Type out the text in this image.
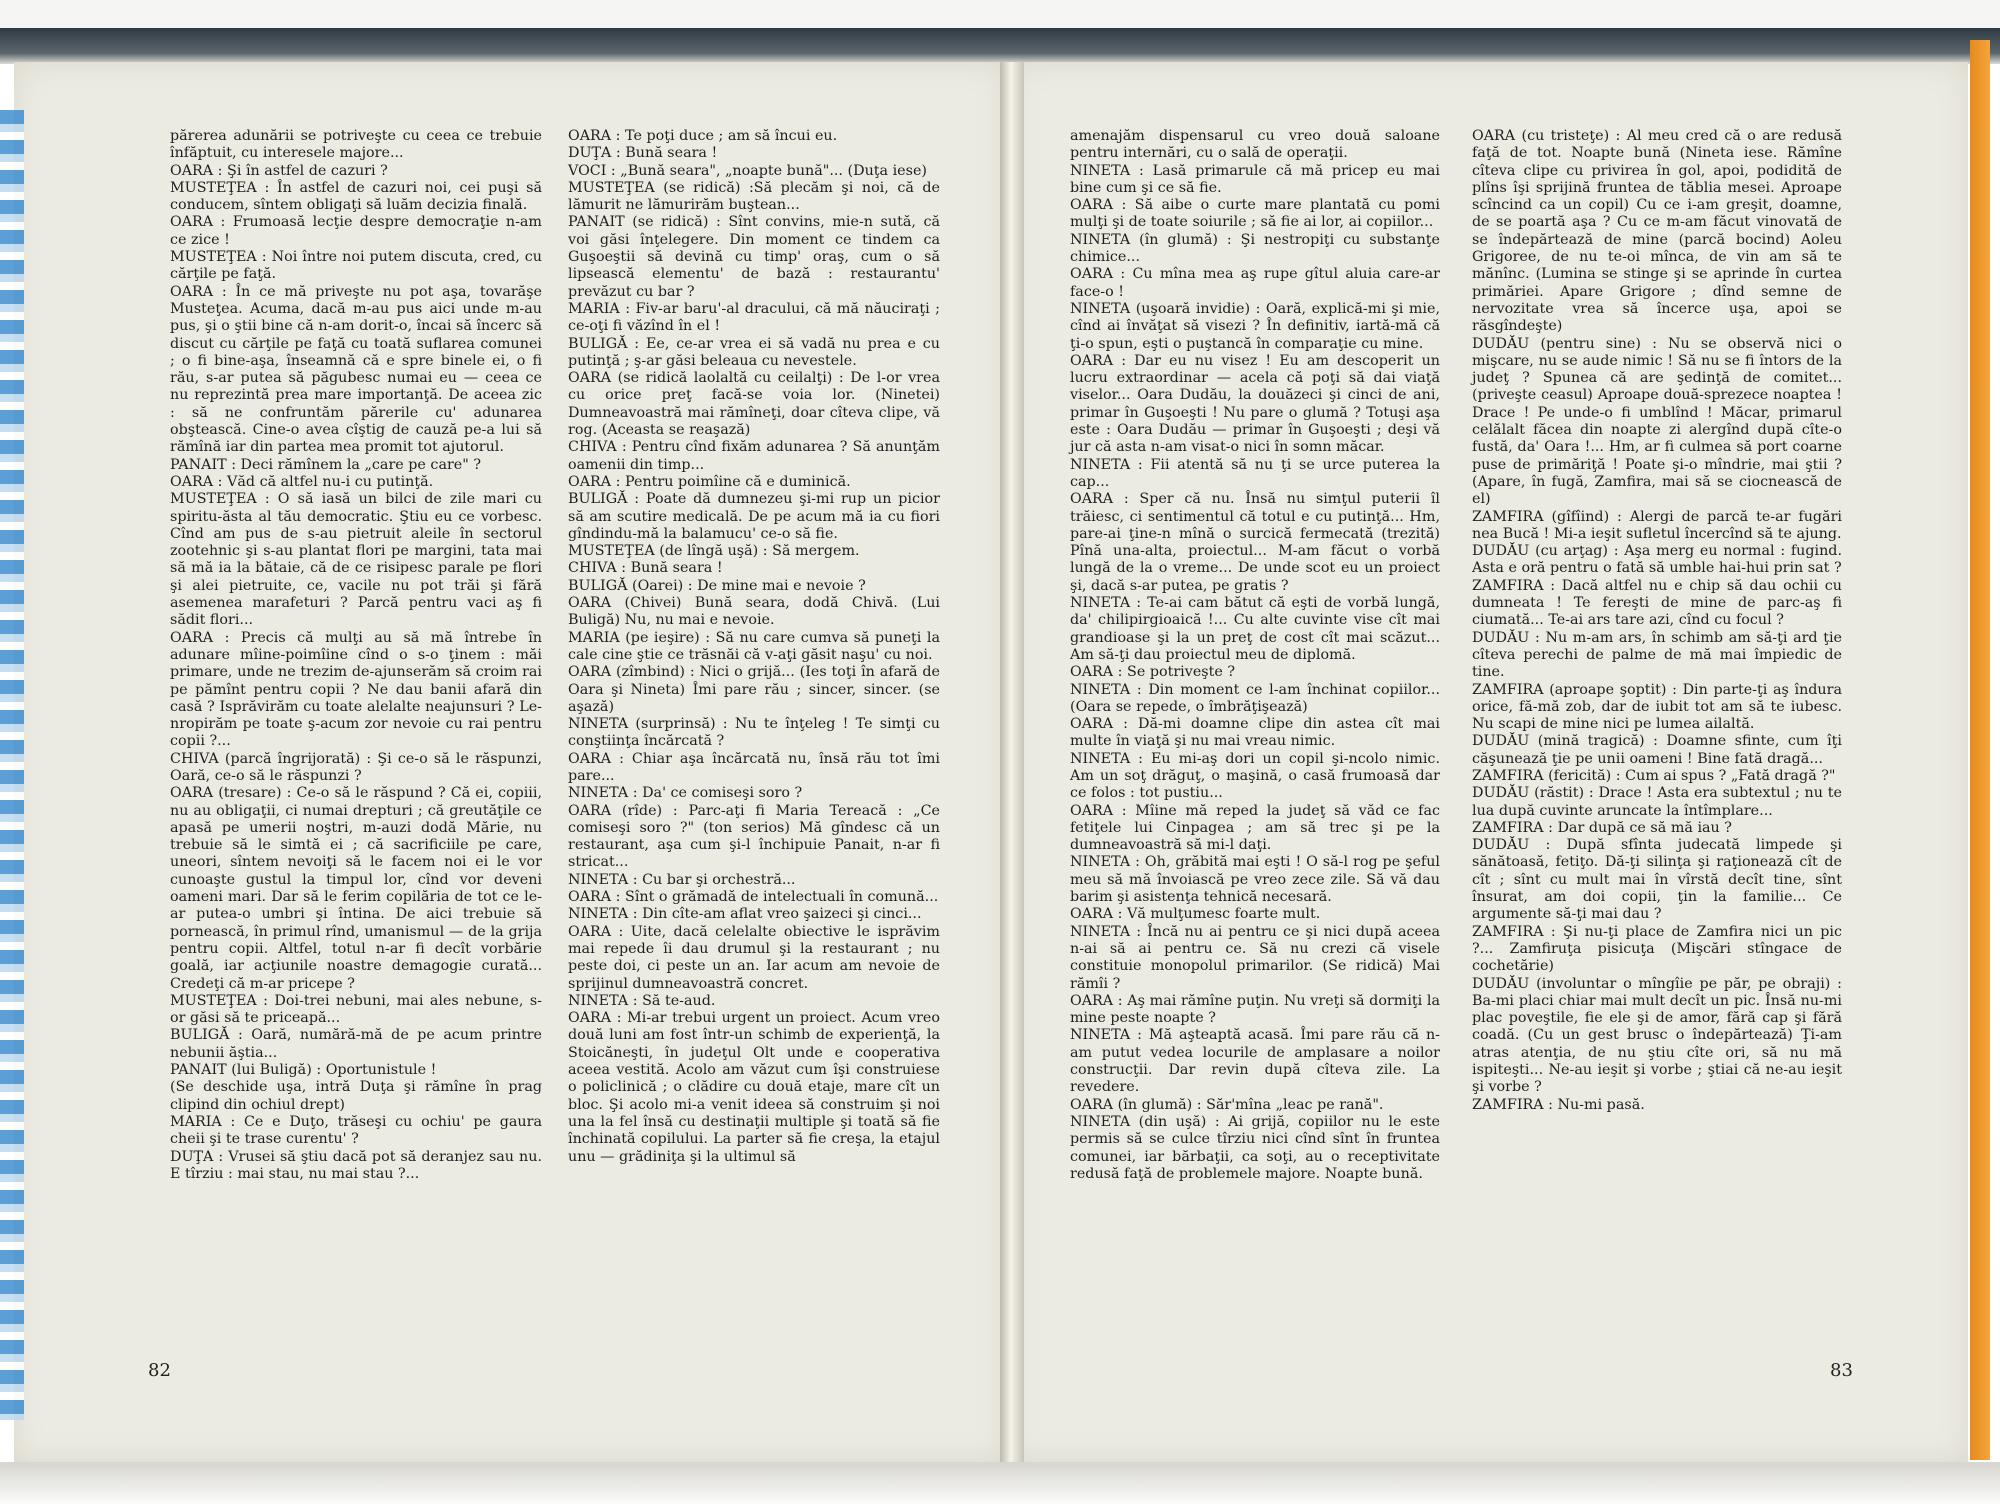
părerea adunării se potriveşte cu ceea ce trebuie înfăptuit, cu interesele majore...

OARA : Şi în astfel de cazuri ?

MUSTEŢEA : În astfel de cazuri noi, cei puşi să conducem, sîntem obligaţi să luăm decizia finală.

OARA : Frumoasă lecţie despre democraţie n-am ce zice !

MUSTEŢEA : Noi între noi putem discuta, cred, cu cărţile pe faţă.

OARA : În ce mă priveşte nu pot aşa, tovarăşe Musteţea. Acuma, dacă m-au pus aici unde m-au pus, şi o ştii bine că n-am dorit-o, încai să încerc să discut cu cărţile pe faţă cu toată suflarea comunei ; o fi bine-aşa, înseamnă că e spre binele ei, o fi rău, s-ar putea să păgubesc numai eu — ceea ce nu reprezintă prea mare importanţă. De aceea zic : să ne confruntăm părerile cu' adunarea obştească. Cine-o avea cîştig de cauză pe-a lui să rămînă iar din partea mea promit tot ajutorul.

PANAIT : Deci rămînem la „care pe care" ?

OARA : Văd că altfel nu-i cu putinţă.

MUSTEŢEA : O să iasă un bilci de zile mari cu spiritu-ăsta al tău democratic. Ştiu eu ce vorbesc. Cînd am pus de s-au pietruit aleile în sectorul zootehnic şi s-au plantat flori pe margini, tata mai să mă ia la bătaie, că de ce risipesc parale pe flori şi alei pietruite, ce, vacile nu pot trăi şi fără asemenea marafeturi ? Parcă pentru vaci aş fi sădit flori...

OARA : Precis că mulţi au să mă întrebe în adunare mîine-poimîine cînd o s-o ţinem : măi primare, unde ne trezim de-ajunserăm să croim rai pe pămînt pentru copii ? Ne dau banii afară din casă ? Isprăvirăm cu toate alelalte neajunsuri ? Le-nropirăm pe toate ş-acum zor nevoie cu rai pentru copii ?...

CHIVA (parcă îngrijorată) : Şi ce-o să le răspunzi, Oară, ce-o să le răspunzi ?

OARA (tresare) : Ce-o să le răspund ? Că ei, copiii, nu au obligaţii, ci numai drepturi ; că greutăţile ce apasă pe umerii noştri, m-auzi dodă Mărie, nu trebuie să le simtă ei ; că sacrificiile pe care, uneori, sîntem nevoiţi să le facem noi ei le vor cunoaşte gustul la timpul lor, cînd vor deveni oameni mari. Dar să le ferim copilăria de tot ce le-ar putea-o umbri şi întina. De aici trebuie să pornească, în primul rînd, umanismul — de la grija pentru copii. Altfel, totul n-ar fi decît vorbărie goală, iar acţiunile noastre demagogie curată... Credeţi că m-ar pricepe ?

MUSTEŢEA : Doi-trei nebuni, mai ales nebune, s-or găsi să te priceapă...

BULIGĂ : Oară, numără-mă de pe acum printre nebunii ăştia...

PANAIT (lui Buligă) : Oportunistule !

(Se deschide uşa, intră Duţa şi rămîne în prag clipind din ochiul drept)

MARIA : Ce e Duţo, trăseşi cu ochiu' pe gaura cheii şi te trase curentu' ?

DUŢA : Vrusei să ştiu dacă pot să deranjez sau nu. E tîrziu : mai stau, nu mai stau ?...

OARA : Te poţi duce ; am să încui eu.

DUŢA : Bună seara !

VOCI : „Bună seara", „noapte bună"... (Duţa iese)

MUSTEŢEA (se ridică) :Să plecăm şi noi, că de lămurit ne lămurirăm buştean...

PANAIT (se ridică) : Sînt convins, mie-n sută, că voi găsi înţelegere. Din moment ce tindem ca Guşoeştii să devină cu timp' oraş, cum o să lipsească elementu' de bază : restaurantu' prevăzut cu bar ?

MARIA : Fiv-ar baru'-al dracului, că mă năuciraţi ; ce-oţi fi văzînd în el !

BULIGĂ : Ee, ce-ar vrea ei să vadă nu prea e cu putinţă ; ş-ar găsi beleaua cu nevestele.

OARA (se ridică laolaltă cu ceilalţi) : De l-or vrea cu orice preţ facă-se voia lor. (Ninetei) Dumneavoastră mai rămîneţi, doar cîteva clipe, vă rog. (Aceasta se reaşază)

CHIVA : Pentru cînd fixăm adunarea ? Să anunţăm oamenii din timp...

OARA : Pentru poimîine că e duminică.

BULIGĂ : Poate dă dumnezeu şi-mi rup un picior să am scutire medicală. De pe acum mă ia cu fiori gîndindu-mă la balamucu' ce-o să fie.

MUSTEŢEA (de lîngă uşă) : Să mergem.

CHIVA : Bună seara !

BULIGĂ (Oarei) : De mine mai e nevoie ?

OARA (Chivei) Bună seara, dodă Chivă. (Lui Buligă) Nu, nu mai e nevoie.

MARIA (pe ieşire) : Să nu care cumva să puneţi la cale cine ştie ce trăsnăi că v-aţi găsit naşu' cu noi.

OARA (zîmbind) : Nici o grijă... (Ies toţi în afară de Oara şi Nineta) Îmi pare rău ; sincer, sincer. (se aşază)

NINETA (surprinsă) : Nu te înţeleg ! Te simţi cu conştiinţa încărcată ?

OARA : Chiar aşa încărcată nu, însă rău tot îmi pare...

NINETA : Da' ce comiseşi soro ?

OARA (rîde) : Parc-aţi fi Maria Tereacă : „Ce comiseşi soro ?" (ton serios) Mă gîndesc că un restaurant, aşa cum şi-l închipuie Panait, n-ar fi stricat...

NINETA : Cu bar şi orchestră...

OARA : Sînt o grămadă de intelectuali în comună...

NINETA : Din cîte-am aflat vreo şaizeci şi cinci...

OARA : Uite, dacă celelalte obiective le isprăvim mai repede îi dau drumul şi la restaurant ; nu peste doi, ci peste un an. Iar acum am nevoie de sprijinul dumneavoastră concret.

NINETA : Să te-aud.

OARA : Mi-ar trebui urgent un proiect. Acum vreo două luni am fost într-un schimb de experienţă, la Stoicăneşti, în judeţul Olt unde e cooperativa aceea vestită. Acolo am văzut cum îşi construiese o policlinică ; o clădire cu două etaje, mare cît un bloc. Şi acolo mi-a venit ideea să construim şi noi una la fel însă cu destinaţii multiple şi toată să fie închinată copilului. La parter să fie creşa, la etajul unu — grădiniţa şi la ultimul să

amenajăm dispensarul cu vreo două saloane pentru internări, cu o sală de operaţii.

NINETA : Lasă primarule că mă pricep eu mai bine cum şi ce să fie.

OARA : Să aibe o curte mare plantată cu pomi mulţi şi de toate soiurile ; să fie ai lor, ai copiilor...

NINETA (în glumă) : Şi nestropiţi cu substanţe chimice...

OARA : Cu mîna mea aş rupe gîtul aluia care-ar face-o !

NINETA (uşoară invidie) : Oară, explică-mi şi mie, cînd ai învăţat să visezi ? În definitiv, iartă-mă că ţi-o spun, eşti o puştancă în comparaţie cu mine.

OARA : Dar eu nu visez ! Eu am descoperit un lucru extraordinar — acela că poţi să dai viaţă viselor... Oara Dudău, la douăzeci şi cinci de ani, primar în Guşoeşti ! Nu pare o glumă ? Totuşi aşa este : Oara Dudău — primar în Guşoeşti ; deşi vă jur că asta n-am visat-o nici în somn măcar.

NINETA : Fii atentă să nu ţi se urce puterea la cap...

OARA : Sper că nu. Însă nu simţul puterii îl trăiesc, ci sentimentul că totul e cu putinţă... Hm, pare-ai ţine-n mînă o surcică fermecată (trezită) Pînă una-alta, proiectul... M-am făcut o vorbă lungă de la o vreme... De unde scot eu un proiect şi, dacă s-ar putea, pe gratis ?

NINETA : Te-ai cam bătut că eşti de vorbă lungă, da' chilipirgioaică !... Cu alte cuvinte vise cît mai grandioase şi la un preţ de cost cît mai scăzut... Am să-ţi dau proiectul meu de diplomă.

OARA : Se potriveşte ?

NINETA : Din moment ce l-am închinat copiilor... (Oara se repede, o îmbrăţişează)

OARA : Dă-mi doamne clipe din astea cît mai multe în viaţă şi nu mai vreau nimic.

NINETA : Eu mi-aş dori un copil şi-ncolo nimic. Am un soţ drăguţ, o maşină, o casă frumoasă dar ce folos : tot pustiu...

OARA : Mîine mă reped la judeţ să văd ce fac fetiţele lui Cinpagea ; am să trec şi pe la dumneavoastră să mi-l daţi.

NINETA : Oh, grăbită mai eşti ! O să-l rog pe şeful meu să mă învoiască pe vreo zece zile. Să vă dau barim şi asistenţa tehnică necesară.

OARA : Vă mulţumesc foarte mult.

NINETA : Încă nu ai pentru ce şi nici după aceea n-ai să ai pentru ce. Să nu crezi că visele constituie monopolul primarilor. (Se ridică) Mai rămîi ?

OARA : Aş mai rămîne puţin. Nu vreţi să dormiţi la mine peste noapte ?

NINETA : Mă aşteaptă acasă. Îmi pare rău că n-am putut vedea locurile de amplasare a noilor construcţii. Dar revin după cîteva zile. La revedere.

OARA (în glumă) : Săr'mîna „leac pe rană".

NINETA (din uşă) : Ai grijă, copiilor nu le este permis să se culce tîrziu nici cînd sînt în fruntea comunei, iar bărbaţii, ca soţi, au o receptivitate redusă faţă de problemele majore. Noapte bună.

OARA (cu tristeţe) : Al meu cred că o are redusă faţă de tot. Noapte bună (Nineta iese. Rămîne cîteva clipe cu privirea în gol, apoi, podidită de plîns îşi sprijină fruntea de tăblia mesei. Aproape scîncind ca un copil) Cu ce i-am greşit, doamne, de se poartă aşa ? Cu ce m-am făcut vinovată de se îndepărtează de mine (parcă bocind) Aoleu Grigoree, de nu te-oi mînca, de vin am să te mănînc. (Lumina se stinge şi se aprinde în curtea primăriei. Apare Grigore ; dînd semne de nervozitate vrea să încerce uşa, apoi se răsgîndeşte)

DUDĂU (pentru sine) : Nu se observă nici o mişcare, nu se aude nimic ! Să nu se fi întors de la judeţ ? Spunea că are şedinţă de comitet... (priveşte ceasul) Aproape două-sprezece noaptea ! Drace ! Pe unde-o fi umblînd ! Măcar, primarul celălalt făcea din noapte zi alergînd după cîte-o fustă, da' Oara !... Hm, ar fi culmea să port coarne puse de primăriţă ! Poate şi-o mîndrie, mai ştii ? (Apare, în fugă, Zamfira, mai să se ciocnească de el)

ZAMFIRA (gîfîind) : Alergi de parcă te-ar fugări nea Bucă ! Mi-a ieşit sufletul încercînd să te ajung.

DUDĂU (cu arţag) : Aşa merg eu normal : fugind. Asta e oră pentru o fată să umble hai-hui prin sat ?

ZAMFIRA : Dacă altfel nu e chip să dau ochii cu dumneata ! Te fereşti de mine de parc-aş fi ciumată... Te-ai ars tare azi, cînd cu focul ?

DUDĂU : Nu m-am ars, în schimb am să-ţi ard ţie cîteva perechi de palme de mă mai împiedic de tine.

ZAMFIRA (aproape şoptit) : Din parte-ţi aş îndura orice, fă-mă zob, dar de iubit tot am să te iubesc. Nu scapi de mine nici pe lumea ailaltă.

DUDĂU (mină tragică) : Doamne sfinte, cum îţi căşunează ţie pe unii oameni ! Bine fată dragă...

ZAMFIRA (fericită) : Cum ai spus ? „Fată dragă ?"

DUDĂU (răstit) : Drace ! Asta era subtextul ; nu te lua după cuvinte aruncate la întîmplare...

ZAMFIRA : Dar după ce să mă iau ?

DUDĂU : După sfînta judecată limpede şi sănătoasă, fetiţo. Dă-ţi silinţa şi raţionează cît de cît ; sînt cu mult mai în vîrstă decît tine, sînt însurat, am doi copii, ţin la familie... Ce argumente să-ţi mai dau ?

ZAMFIRA : Şi nu-ţi place de Zamfira nici un pic ?... Zamfiruţa pisicuţa (Mişcări stîngace de cochetărie)

DUDĂU (involuntar o mîngîie pe păr, pe obraji) : Ba-mi placi chiar mai mult decît un pic. Însă nu-mi plac poveştile, fie ele şi de amor, fără cap şi fără coadă. (Cu un gest brusc o îndepărtează) Ţi-am atras atenţia, de nu ştiu cîte ori, să nu mă ispiteşti... Ne-au ieşit şi vorbe ; ştiai că ne-au ieşit şi vorbe ?

ZAMFIRA : Nu-mi pasă.

82	83
